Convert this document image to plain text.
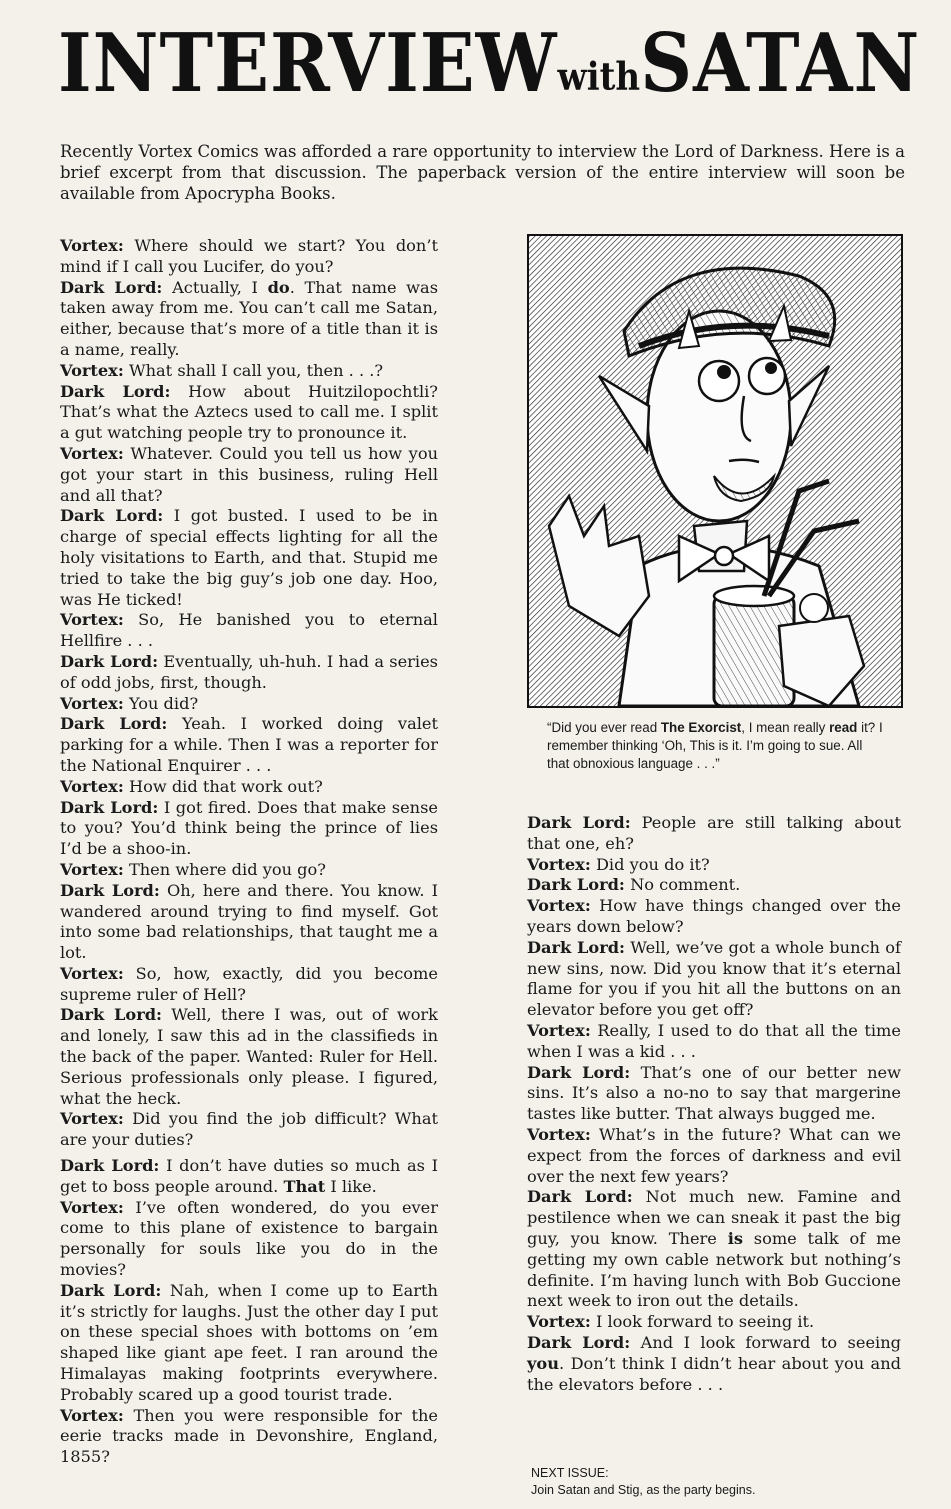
INTERVIEW with SATAN
Recently Vortex Comics was afforded a rare opportunity to interview the Lord of Darkness. Here is a brief excerpt from that discussion. The paperback version of the entire interview will soon be available from Apocrypha Books.

Vortex: Where should we start? You don’t mind if I call you Lucifer, do you?

Dark Lord: Actually, I do. That name was taken away from me. You can’t call me Satan, either, because that’s more of a title than it is a name, really.

Vortex: What shall I call you, then . . .?

Dark Lord: How about Huitzilopochtli? That’s what the Aztecs used to call me. I split a gut watching people try to pronounce it.

Vortex: Whatever. Could you tell us how you got your start in this business, ruling Hell and all that?

Dark Lord: I got busted. I used to be in charge of special effects lighting for all the holy visitations to Earth, and that. Stupid me tried to take the big guy’s job one day. Hoo, was He ticked!

Vortex: So, He banished you to eternal Hellfire . . .

Dark Lord: Eventually, uh-huh. I had a series of odd jobs, first, though.

Vortex: You did?

Dark Lord: Yeah. I worked doing valet parking for a while. Then I was a reporter for the National Enquirer . . .

Vortex: How did that work out?

Dark Lord: I got fired. Does that make sense to you? You’d think being the prince of lies I’d be a shoo-in.

Vortex: Then where did you go?

Dark Lord: Oh, here and there. You know. I wandered around trying to find myself. Got into some bad relationships, that taught me a lot.

Vortex: So, how, exactly, did you become supreme ruler of Hell?

Dark Lord: Well, there I was, out of work and lonely, I saw this ad in the classifieds in the back of the paper. Wanted: Ruler for Hell. Serious professionals only please. I figured, what the heck.

Vortex: Did you find the job difficult? What are your duties?

Dark Lord: I don’t have duties so much as I get to boss people around. That I like.

Vortex: I’ve often wondered, do you ever come to this plane of existence to bargain personally for souls like you do in the movies?

Dark Lord: Nah, when I come up to Earth it’s strictly for laughs. Just the other day I put on these special shoes with bottoms on ’em shaped like giant ape feet. I ran around the Himalayas making footprints everywhere. Probably scared up a good tourist trade.

Vortex: Then you were responsible for the eerie tracks made in Devonshire, England, 1855?

“Did you ever read The Exorcist, I mean really read it? I remember thinking ‘Oh, This is it. I’m going to sue. All that obnoxious language . . .”

Dark Lord: People are still talking about that one, eh?

Vortex: Did you do it?

Dark Lord: No comment.

Vortex: How have things changed over the years down below?

Dark Lord: Well, we’ve got a whole bunch of new sins, now. Did you know that it’s eternal flame for you if you hit all the buttons on an elevator before you get off?

Vortex: Really, I used to do that all the time when I was a kid . . .

Dark Lord: That’s one of our better new sins. It’s also a no-no to say that margerine tastes like butter. That always bugged me.

Vortex: What’s in the future? What can we expect from the forces of darkness and evil over the next few years?

Dark Lord: Not much new. Famine and pestilence when we can sneak it past the big guy, you know. There is some talk of me getting my own cable network but nothing’s definite. I’m having lunch with Bob Guccione next week to iron out the details.

Vortex: I look forward to seeing it.

Dark Lord: And I look forward to seeing you. Don’t think I didn’t hear about you and the elevators before . . .

NEXT ISSUE:
Join Satan and Stig, as the party begins.
